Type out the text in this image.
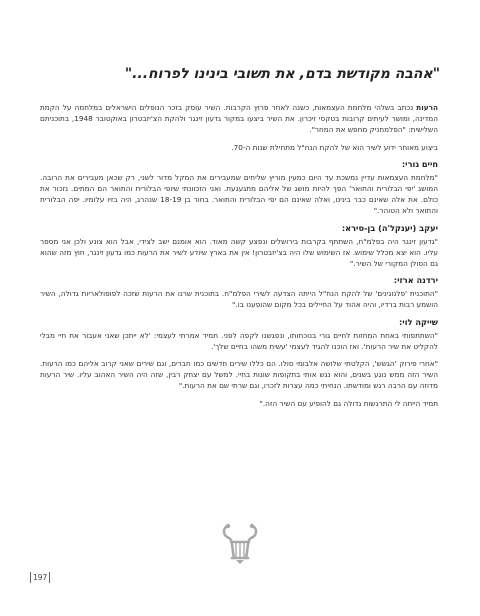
"אהבה מקודשת בדם, את תשובי בינינו לפרוח..."

הרעות נכתב בשלהי מלחמת העצמאות, כשנה לאחר פרוץ הקרבות. השיר עוסק בזכר הנופלים הישראלים במלחמה על הקמת המדינה, ומושר לעיתים קרובות בטקסי זיכרון. את השיר ביצעו במקור גדעון זינגר ולהקת הצ'יזבטרון באוקטובר 1948, בתוכניתם השלישית: "הפלמחניק מחפש את המחר".

ביצוע מאוחר ידוע לשיר הוא של להקת הנח"ל מתחילת שנות ה-70.

חיים גורי:

"מלחמת העצמאות עדיין נמשכת עד היום כמעין מוריץ שליחים שמעבירים את המקל מדור לשני, רק שכאן מעבירים את הרובה. המושג 'יפי הבלורית והתואר' הפך להיות מושג של אליהם מתגעגעת. ואני הזכוונתי שיופי הבלורית והתואר הם המתים. נזכור את כולם. את אלה שאינם כבר בינינו, ואלה שאינם הם יפי הבלורית והתואר. בחור בן 18-19 שנהרג, היה בזיו עלומיו. יפה הבלורית והתואר ולא הטוהר."

יעקב (יענקל'ה) בן-סירא:

"גדעון זינגר היה בפלמ"ח, השתתף בקרבות בירושלים ונפצע קשה מאוד. הוא אומנם ישב לצידי, אבל הוא צונע ולכן אני מספר עליו. הוא יצא מכלל שימוש. אז השימוש שלו היה בצ'יזבטרון! אין את בארץ שיודע לשיר את הרעות כמו גדעון זינגר, חוץ מזה שהוא גם הסולן המקורי של השיר."

ירדנה ארזי:

"התוכנית 'פלנוגינים' של להקת הנח"ל הייתה הצדעה לשירי הפלמ"ח. בתוכנית שרנו את הרעות שזכה לפופולאריות גדולה, השיר הושמע רבות ברדיו, והיה אהוד על החיילים בכל מקום שהופענו בו."

שייקה לוי:

"השתתפותי באחת המחזות לחיים גורי בנוכחותו, ונפגשנו לקפה לפני. תמיד אמרתי לעצמי: 'לא ייתכן שאני אעבור את חיי מבלי להקליט את שיר הרעות'. ואז הוכנו להגיד לעצמי 'עשית משהו בחיים שלך'.

"אחרי פירוק 'הגשש', הקלטתי שלושה אלבומי סולו. הם כללו שירים חדשים כמו חברים, וגם שירים שאני קרוב אליהם כמו הרעות. השיר הזה ממש נוגע בשנים, והוא נגש אותי בתקופות שונות בחיי. למשל עם יצחק רבין, שזה היה השיר האהוב עליו. שיר הרעות מדוזה עם הרבה רגש ומודשתו. הנחיתי כמה עצרות לזכרו, וגם שרתי שם את הרעות."

תמיד הייתה לי התרגשות גדולה גם להופיע עם השיר הזה."

197
